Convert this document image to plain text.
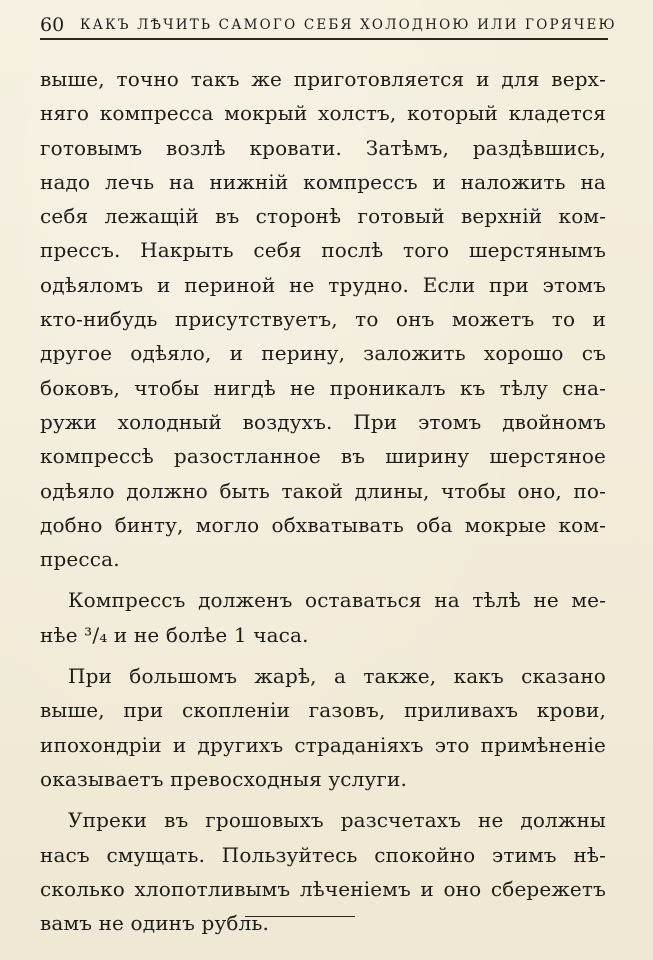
60 КАКЪ ЛѢЧИТЬ САМОГО СЕБЯ ХОЛОДНОЮ ИЛИ ГОРЯЧЕЮ
выше, точно такъ же приготовляется и для верх-
няго компресса мокрый холстъ, который кладется
готовымъ возлѣ кровати. Затѣмъ, раздѣвшись,
надо лечь на нижній компрессъ и наложить на
себя лежащій въ сторонѣ готовый верхній ком-
прессъ. Накрыть себя послѣ того шерстянымъ
одѣяломъ и периной не трудно. Если при этомъ
кто-нибудь присутствуетъ, то онъ можетъ то и
другое одѣяло, и перину, заложить хорошо съ
боковъ, чтобы нигдѣ не проникалъ къ тѣлу сна-
ружи холодный воздухъ. При этомъ двойномъ
компрессѣ разостланное въ ширину шерстяное
одѣяло должно быть такой длины, чтобы оно, по-
добно бинту, могло обхватывать оба мокрые ком-
пресса.
Компрессъ долженъ оставаться на тѣлѣ не ме-
нѣе ³/₄ и не болѣе 1 часа.
При большомъ жарѣ, а также, какъ сказано
выше, при скопленіи газовъ, приливахъ крови,
ипохондріи и другихъ страданіяхъ это примѣненіе
оказываетъ превосходныя услуги.
Упреки въ грошовыхъ разсчетахъ не должны
насъ смущать. Пользуйтесь спокойно этимъ нѣ-
сколько хлопотливымъ лѣченіемъ и оно сбережетъ
вамъ не одинъ рубль.
